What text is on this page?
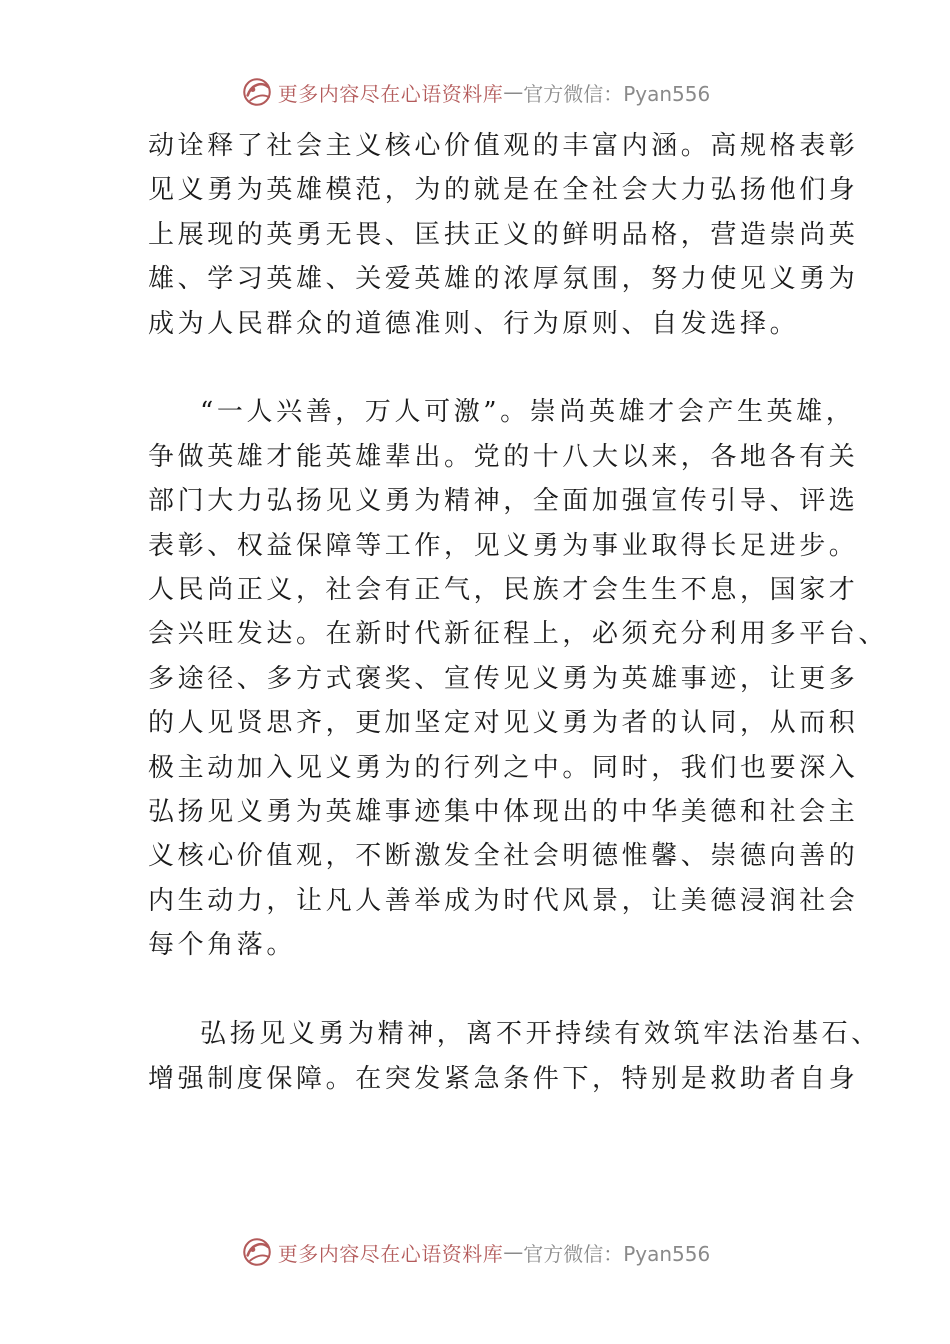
更多内容尽在心语资料库 — 官方微信：Pyan556
动诠释了社会主义核心价值观的丰富内涵。高规格表彰
见义勇为英雄模范，为的就是在全社会大力弘扬他们身
上展现的英勇无畏、匡扶正义的鲜明品格，营造崇尚英
雄、学习英雄、关爱英雄的浓厚氛围，努力使见义勇为
成为人民群众的道德准则、行为原则、自发选择。
“一人兴善，万人可激”。崇尚英雄才会产生英雄，
争做英雄才能英雄辈出。党的十八大以来，各地各有关
部门大力弘扬见义勇为精神，全面加强宣传引导、评选
表彰、权益保障等工作，见义勇为事业取得长足进步。
人民尚正义，社会有正气，民族才会生生不息，国家才
会兴旺发达。在新时代新征程上，必须充分利用多平台、
多途径、多方式褒奖、宣传见义勇为英雄事迹，让更多
的人见贤思齐，更加坚定对见义勇为者的认同，从而积
极主动加入见义勇为的行列之中。同时，我们也要深入
弘扬见义勇为英雄事迹集中体现出的中华美德和社会主
义核心价值观，不断激发全社会明德惟馨、崇德向善的
内生动力，让凡人善举成为时代风景，让美德浸润社会
每个角落。
弘扬见义勇为精神，离不开持续有效筑牢法治基石、
增强制度保障。在突发紧急条件下，特别是救助者自身
更多内容尽在心语资料库 — 官方微信：Pyan556
